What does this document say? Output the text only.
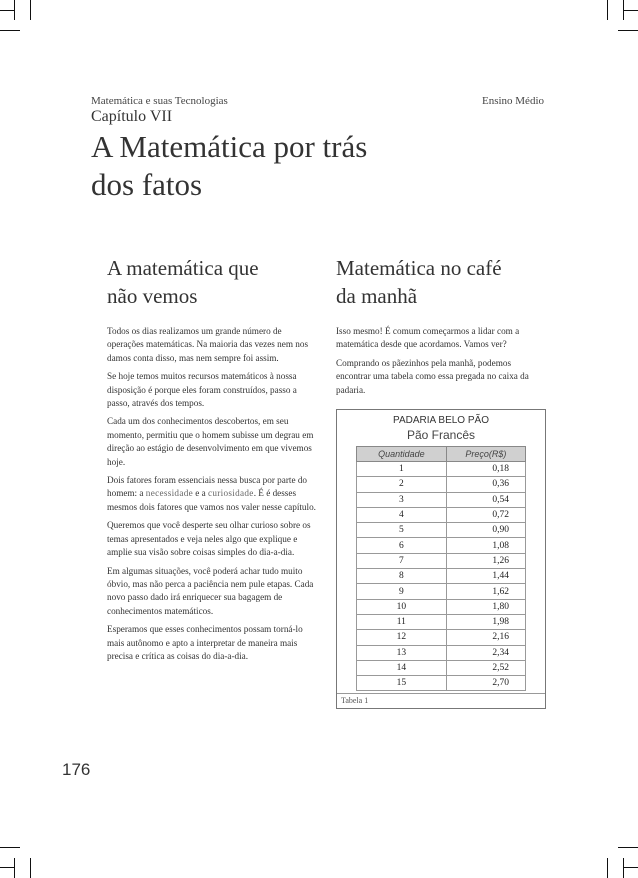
Matemática e suas Tecnologias	Ensino Médio
Capítulo VII
A Matemática por trás
dos fatos
A matemática que
não vemos
Matemática no café
da manhã

Todos os dias realizamos um grande número de operações matemáticas. Na maioria das vezes nem nos damos conta disso, mas nem sempre foi assim.

Se hoje temos muitos recursos matemáticos à nossa disposição é porque eles foram construídos, passo a passo, através dos tempos.

Cada um dos conhecimentos descobertos, em seu momento, permitiu que o homem subisse um degrau em direção ao estágio de desenvolvimento em que vivemos hoje.

Dois fatores foram essenciais nessa busca por parte do homem: a necessidade e a curiosidade. É é desses mesmos dois fatores que vamos nos valer nesse capítulo.

Queremos que você desperte seu olhar curioso sobre os temas apresentados e veja neles algo que explique e amplie sua visão sobre coisas simples do dia-a-dia.

Em algumas situações, você poderá achar tudo muito óbvio, mas não perca a paciência nem pule etapas. Cada novo passo dado irá enriquecer sua bagagem de conhecimentos matemáticos.

Esperamos que esses conhecimentos possam torná-lo mais autônomo e apto a interpretar de maneira mais precisa e crítica as coisas do dia-a-dia.

Isso mesmo! É comum começarmos a lidar com a matemática desde que acordamos. Vamos ver?

Comprando os pãezinhos pela manhã, podemos encontrar uma tabela como essa pregada no caixa da padaria.

PADARIA BELO PÃO
Pão Francês
Quantidade	Preço(R$)
1	0,18
2	0,36
3	0,54
4	0,72
5	0,90
6	1,08
7	1,26
8	1,44
9	1,62
10	1,80
11	1,98
12	2,16
13	2,34
14	2,52
15	2,70
Tabela 1
176
